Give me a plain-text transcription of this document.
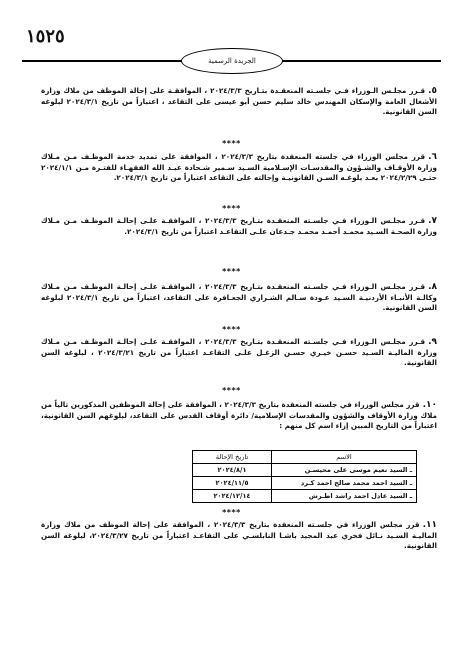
١٥٢٥
الجريدة الرسمية
٥.قـرر مجلـس الـوزراء فـي جلسـته المنعقـدة بتـاريخ ٢٠٢٤/٣/٣ ، الموافقـة على إحالة الموظف من ملاك وزارة الأشغال العامة والإسكان المهندس خالد سليم حسن أبو عيسى على التقاعد ، اعتباراً من تاريخ ٢٠٢٤/٣/١ لبلوغه السن القانونية.
****
٦.قرر مجلس الوزراء في جلسته المنعقدة بتاريخ ٢٠٢٤/٣/٣ ، الموافقة على تمديد خدمة الموظـف مـن مـلاك وزارة الأوقـاف والشـؤون والمقدسـات الإسـلامية السـيد سـمير شـحادة عبـد الله الفقهـاء للفتـرة مـن ٢٠٢٤/١/١ حتـى ٢٠٢٤/٢/٢٩ بعـد بلوغـه السـن القانونيـة وإحالته على التقاعد اعتباراً من تاريخ ٢٠٢٤/٣/١.
****
٧.قـرر مجلـس الـوزراء فـي جلسـته المنعقـدة بتـاريخ ٢٠٢٤/٣/٣ ، الموافقـة علـى إحالـة الموظـف مـن مـلاك وزارة الصحـة السـيد محمـد أحمـد محمـد جـدعان علـى التقاعـد اعتباراً من تاريخ ٢٠٢٤/٣/١.
****
٨.قـرر مجلـس الـوزراء فـي جلسـته المنعقـدة بتـاريخ ٢٠٢٤/٣/٣ ، الموافقـة علـى إحالـة الموظـف مـن مـلاك وكالـة الأنبـاء الأردنيـة السـيد عـودة سـالم الشـراري الجعـافرة على التقاعد، اعتباراً من تاريخ ٢٠٢٤/٣/١ لبلوغه السن القانونية.
****
٩.قـرر مجلـس الـوزراء فـي جلسـته المنعقـدة بتـاريخ ٢٠٢٤/٣/٣ ، الموافقـة علـى إحالـة الموظـف مـن مـلاك وزارة الماليـة السـيد حسـن خيـري حسـن الزغـل علـى التقاعـد اعتباراً من تاريخ ٢٠٢٤/٣/٢١ ، لبلوغه السن القانونية.
****
١٠.قرر مجلس الوزراء في جلسته المنعقدة بتاريخ ٢٠٢٤/٣/٣ ، الموافقة على إحالة الموظفين المذكورين تالياً من ملاك وزارة الأوقاف والشؤون والمقدسات الإسلامية/ دائرة أوقاف القدس على التقاعد، لبلوغهم السن القانونية، اعتباراً من التاريخ المبين إزاء اسم كل منهم :
الاسم	تاريخ الإحالة
ـ السيد نعيم موسى على محيسـن	٢٠٢٤/٨/١
ـ السيد احمد محمد صالح احمد كـرد	٢٠٢٤/١١/٥
ـ السيد عادل احمد راشد اطـرش	٢٠٢٤/١٢/١٤
****
١١.قرر مجلس الوزراء في جلسـته المنعقدة بتاريخ ٢٠٢٤/٣/٣ ، الموافقة على إحالة الموظف من ملاك وزارة الماليـة السـيد نـائل فخري عبد المجيد باشـا النابلسـي على التقاعـد اعتباراً من تاريخ ٢٠٢٤/٣/٢٧، لبلوغه السن القانونية.
